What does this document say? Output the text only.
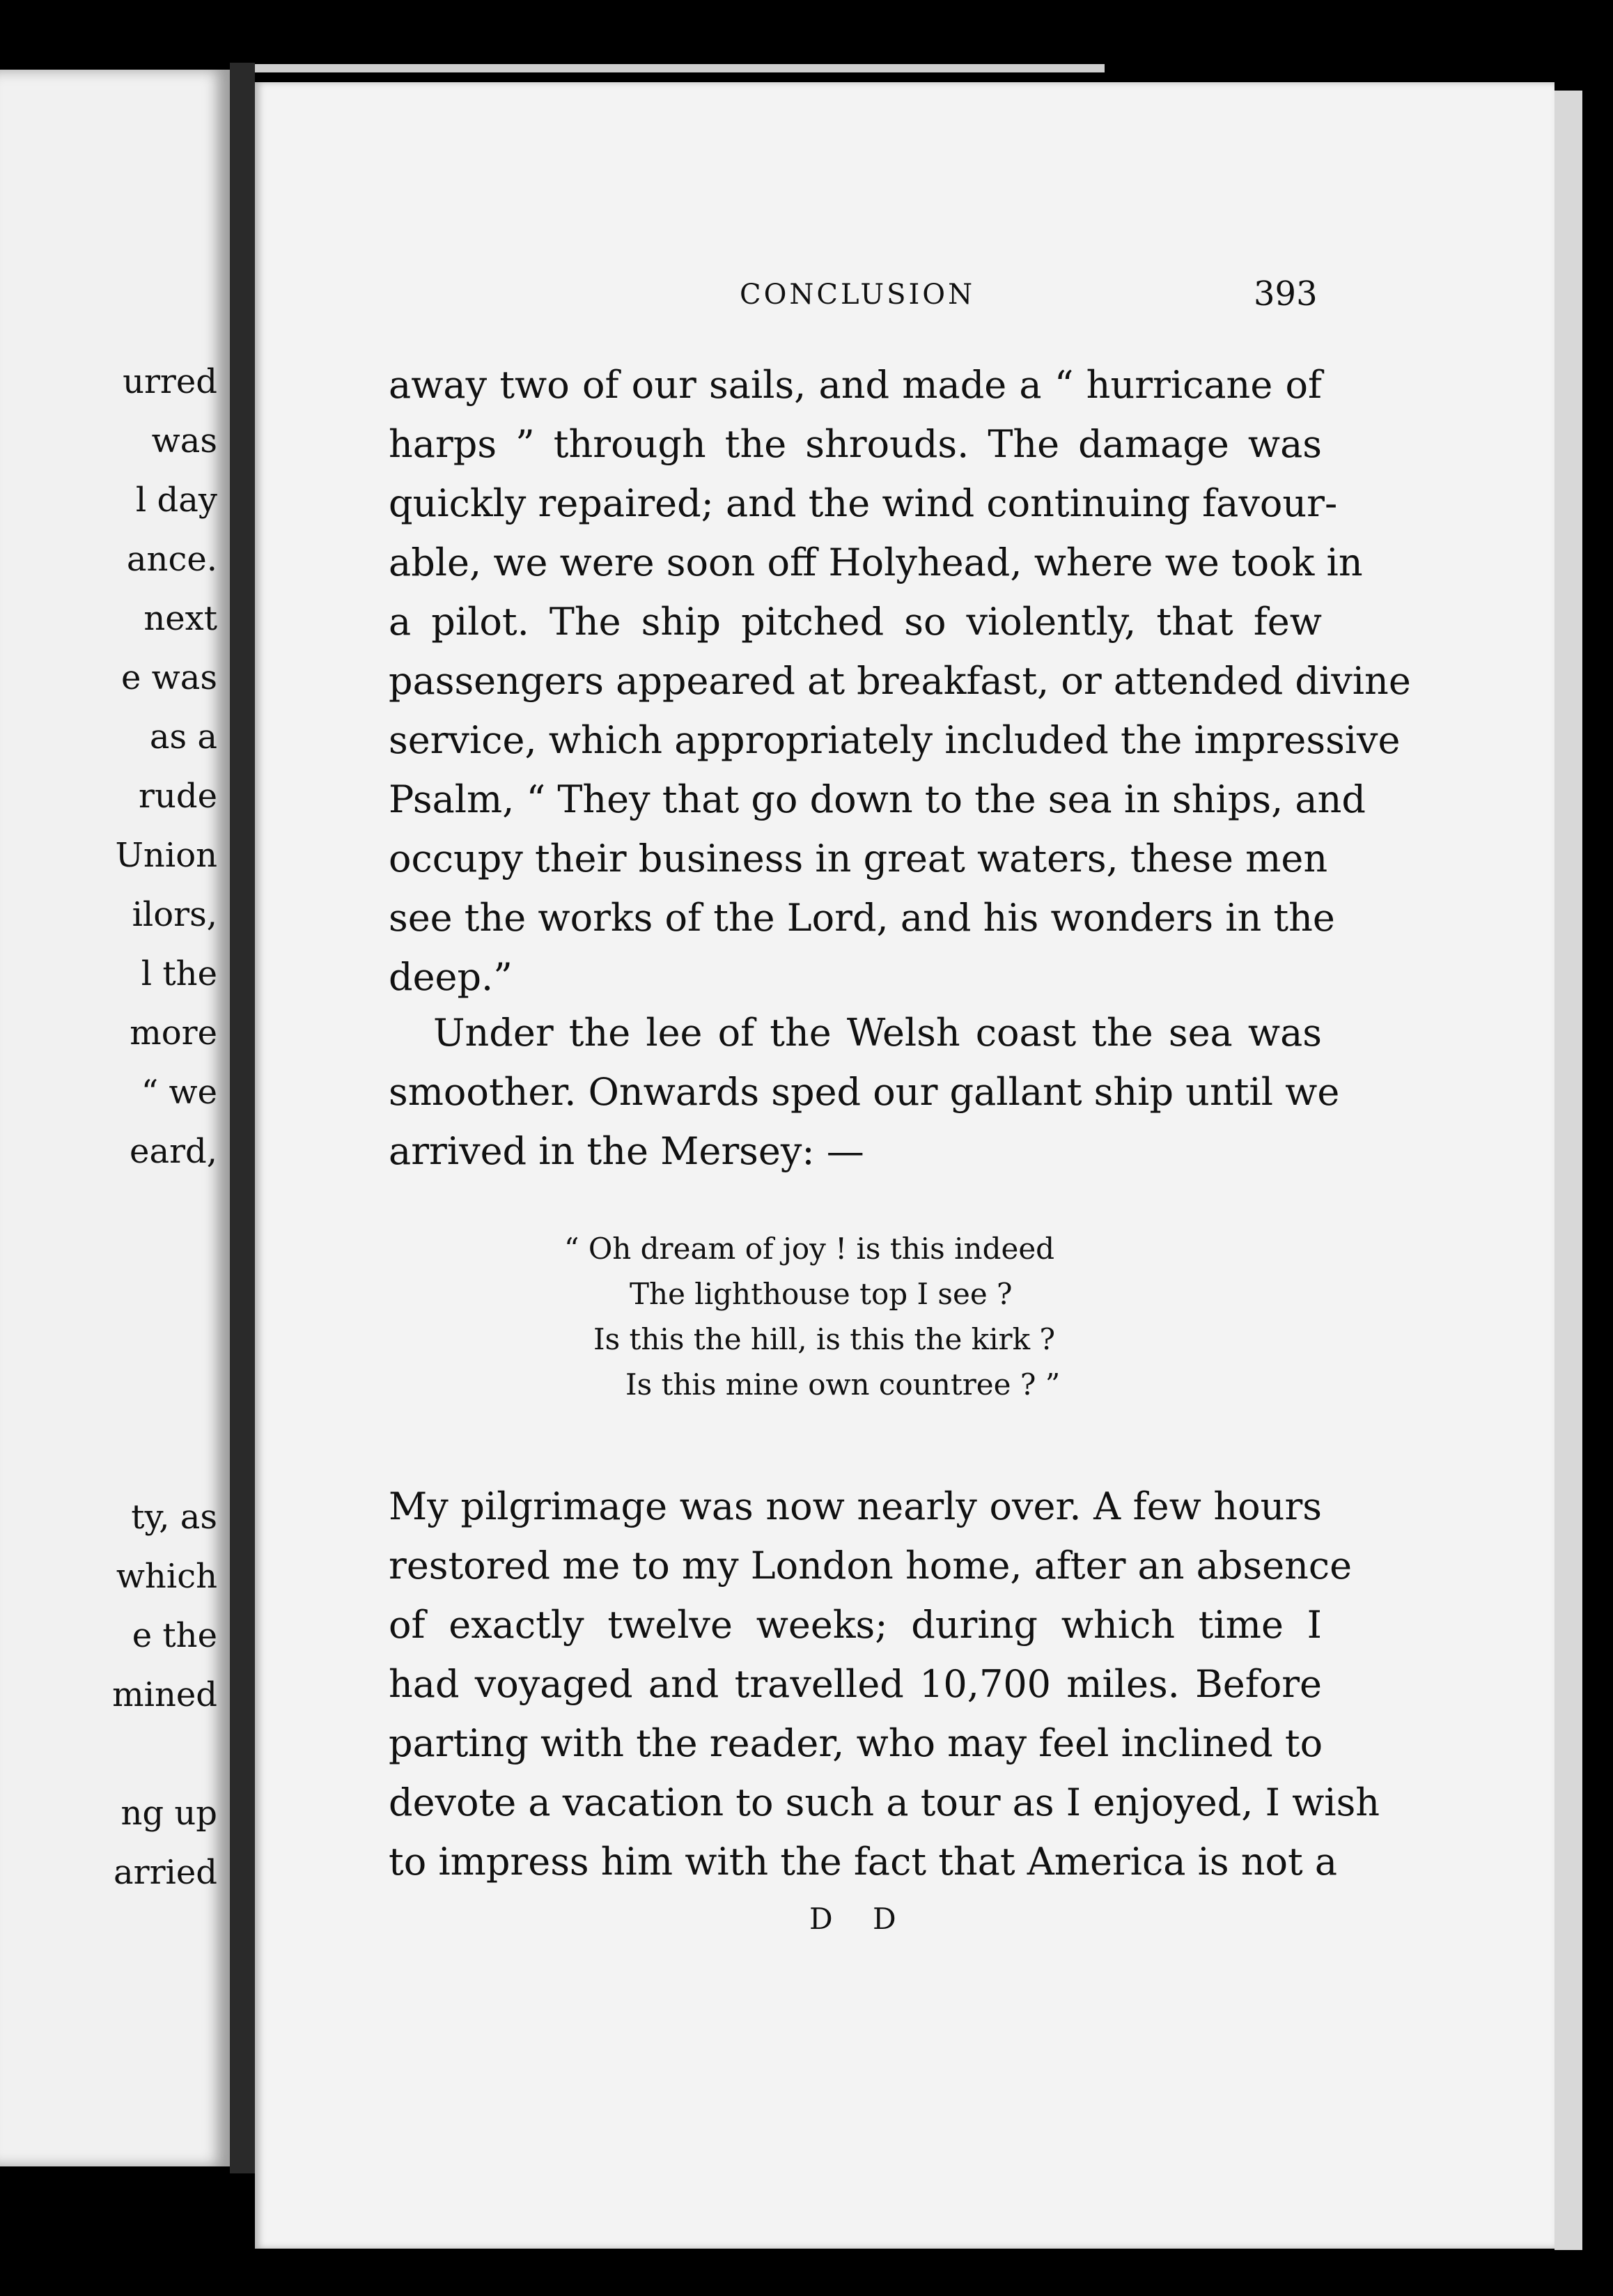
urred
was
l day
ance.
next
e was
as a
rude
Union
ilors,
l the
more
“ we
eard,
ty, as
which
e the
mined
ng up
arried
CONCLUSION	393
away two of our sails, and made a “ hurricane of
harps ” through the shrouds. The damage was
quickly repaired; and the wind continuing favour-
able, we were soon off Holyhead, where we took in
a pilot. The ship pitched so violently, that few
passengers appeared at breakfast, or attended divine
service, which appropriately included the impressive
Psalm, “ They that go down to the sea in ships, and
occupy their business in great waters, these men
see the works of the Lord, and his wonders in the
deep.”
Under the lee of the Welsh coast the sea was
smoother. Onwards sped our gallant ship until we
arrived in the Mersey: —
“ Oh dream of joy ! is this indeed
The lighthouse top I see ?
Is this the hill, is this the kirk ?
Is this mine own countree ? ”
My pilgrimage was now nearly over. A few hours
restored me to my London home, after an absence
of exactly twelve weeks; during which time I
had voyaged and travelled 10,700 miles. Before
parting with the reader, who may feel inclined to
devote a vacation to such a tour as I enjoyed, I wish
to impress him with the fact that America is not a
D D
